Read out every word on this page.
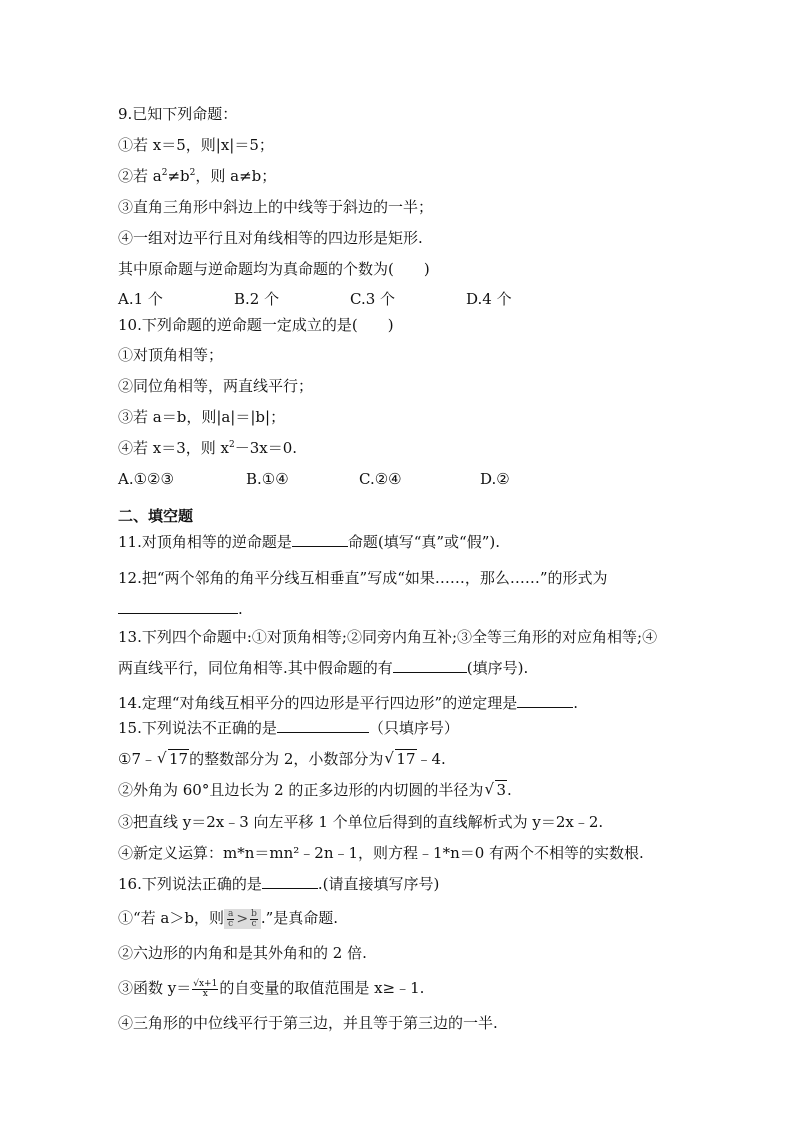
9.已知下列命题：
①若 x＝5，则|x|＝5；
②若 $a^2\ne b^2$，则 a≠b；
③直角三角形中斜边上的中线等于斜边的一半；
④一组对边平行且对角线相等的四边形是矩形.
其中原命题与逆命题均为真命题的个数为(　　)
A.1 个	B.2 个	C.3 个	D.4 个
10.下列命题的逆命题一定成立的是(　　)
①对顶角相等；
②同位角相等，两直线平行；
③若 a＝b，则|a|＝|b|；
④若 x＝3，则 $x^2-3x=0$.
A.①②③	B.①④	C.②④	D.②
二、填空题
11.对顶角相等的逆命题是	命题(填写“真”或“假”).
12.把“两个邻角的角平分线互相垂直”写成“如果……，那么……”的形式为
.
13.下列四个命题中:①对顶角相等;②同旁内角互补;③全等三角形的对应角相等;④
两直线平行，同位角相等.其中假命题的有	(填序号).
14.定理“对角线互相平分的四边形是平行四边形”的逆定理是	.
15.下列说法不正确的是	（只填序号）
①7﹣ √ 17的整数部分为 2，小数部分为 √ 17﹣4.
②外角为 60°且边长为 2 的正多边形的内切圆的半径为 √ 3.
③把直线 y＝2x﹣3 向左平移 1 个单位后得到的直线解析式为 y＝2x﹣2.
④新定义运算：m*n＝mn²﹣2n﹣1，则方程﹣1*n＝0 有两个不相等的实数根.
16.下列说法正确的是	.(请直接填写序号)
①“若 a＞b，则 $\frac{a}{c} > \frac{b}{c}$ .”是真命题.
②六边形的内角和是其外角和的 2 倍.
③函数 $y= \frac{√x+1}{x}$ 的自变量的取值范围是 x≥﹣1.
④三角形的中位线平行于第三边，并且等于第三边的一半.
